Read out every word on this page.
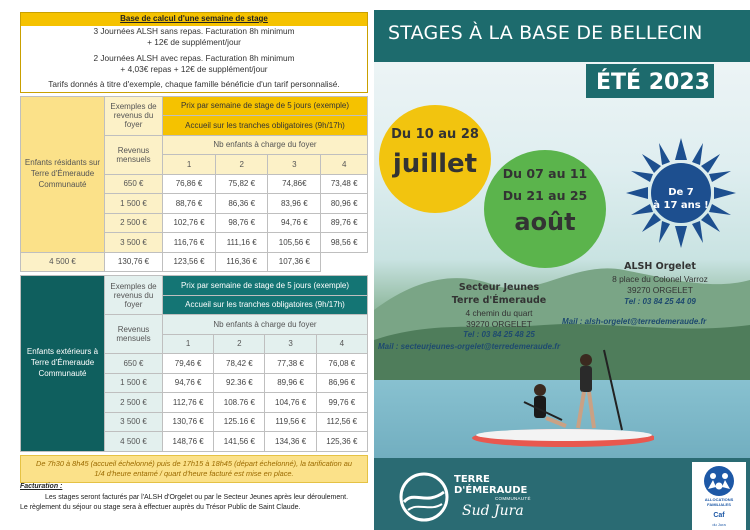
Base de calcul d'une semaine de stage
3 Journées ALSH sans repas. Facturation 8h minimum
+ 12€ de supplément/jour
2 Journées ALSH avec repas. Facturation 8h minimum
+ 4,03€ repas + 12€ de supplément/jour
Tarifs donnés à titre d'exemple, chaque famille bénéficie d'un tarif personnalisé.
Enfants résidants sur Terre d'Émeraude Communauté	Exemples de revenus du foyer	Prix par semaine de stage de 5 jours (exemple)			
		Accueil sur les tranches obligatoires (9h/17h)			
	Revenus mensuels	Nb enfants à charge du foyer			
		1	2	3	4
	650 €	76,86 €	75,82 €	74,86€	73,48 €
	1 500 €	88,76 €	86,36 €	83,96 €	80,96 €
	2 500 €	102,76 €	98,76 €	94,76 €	89,76 €
	3 500 €	116,76 €	111,16 €	105,56 €	98,56 €
4 500 €	130,76 €	123,56 €	116,36 €	107,36 €	
Enfants extérieurs à Terre d'Émeraude Communauté	Exemples de revenus du foyer	Prix par semaine de stage de 5 jours (exemple)			
		Accueil sur les tranches obligatoires (9h/17h)			
	Revenus mensuels	Nb enfants à charge du foyer			
		1	2	3	4
	650 €	79,46 €	78,42 €	77,38 €	76,08 €
	1 500 €	94,76 €	92.36 €	89,96 €	86,96 €
	2 500 €	112,76 €	108.76 €	104,76 €	99,76 €
	3 500 €	130,76 €	125.16 €	119,56 €	112,56 €
	4 500 €	148,76 €	141,56 €	134,36 €	125,36 €
De 7h30 à 8h45 (accueil échelonné) puis de 17h15 à 18h45 (départ échelonné), la tarification au
1/4 d'heure entamé / quart d'heure facturé est mise en place.
Facturation :
Les stages seront facturés par l'ALSH d'Orgelet ou par le Secteur Jeunes après leur déroulement.
Le règlement du séjour ou stage sera à effectuer auprès du Trésor Public de Saint Claude.
STAGES À LA BASE DE BELLECIN
ÉTÉ 2023
Du 10 au 28
juillet	Du 07 au 11
Du 21 au 25
août
De 7
à 17 ans !
ALSH Orgelet
8 place du Colonel Varroz
39270 ORGELET
Tel : 03 84 25 44 09
Mail : alsh-orgelet@terredemeraude.fr
Secteur Jeunes
Terre d'Émeraude
4 chemin du quart
39270 ORGELET
Tel : 03 84 25 48 25
Mail : secteurjeunes-orgelet@terredemeraude.fr
TERRE
D'ÉMERAUDE
COMMUNAUTÉ
Sud Jura
ALLOCATIONS
FAMILIALES
Caf
du Jura
